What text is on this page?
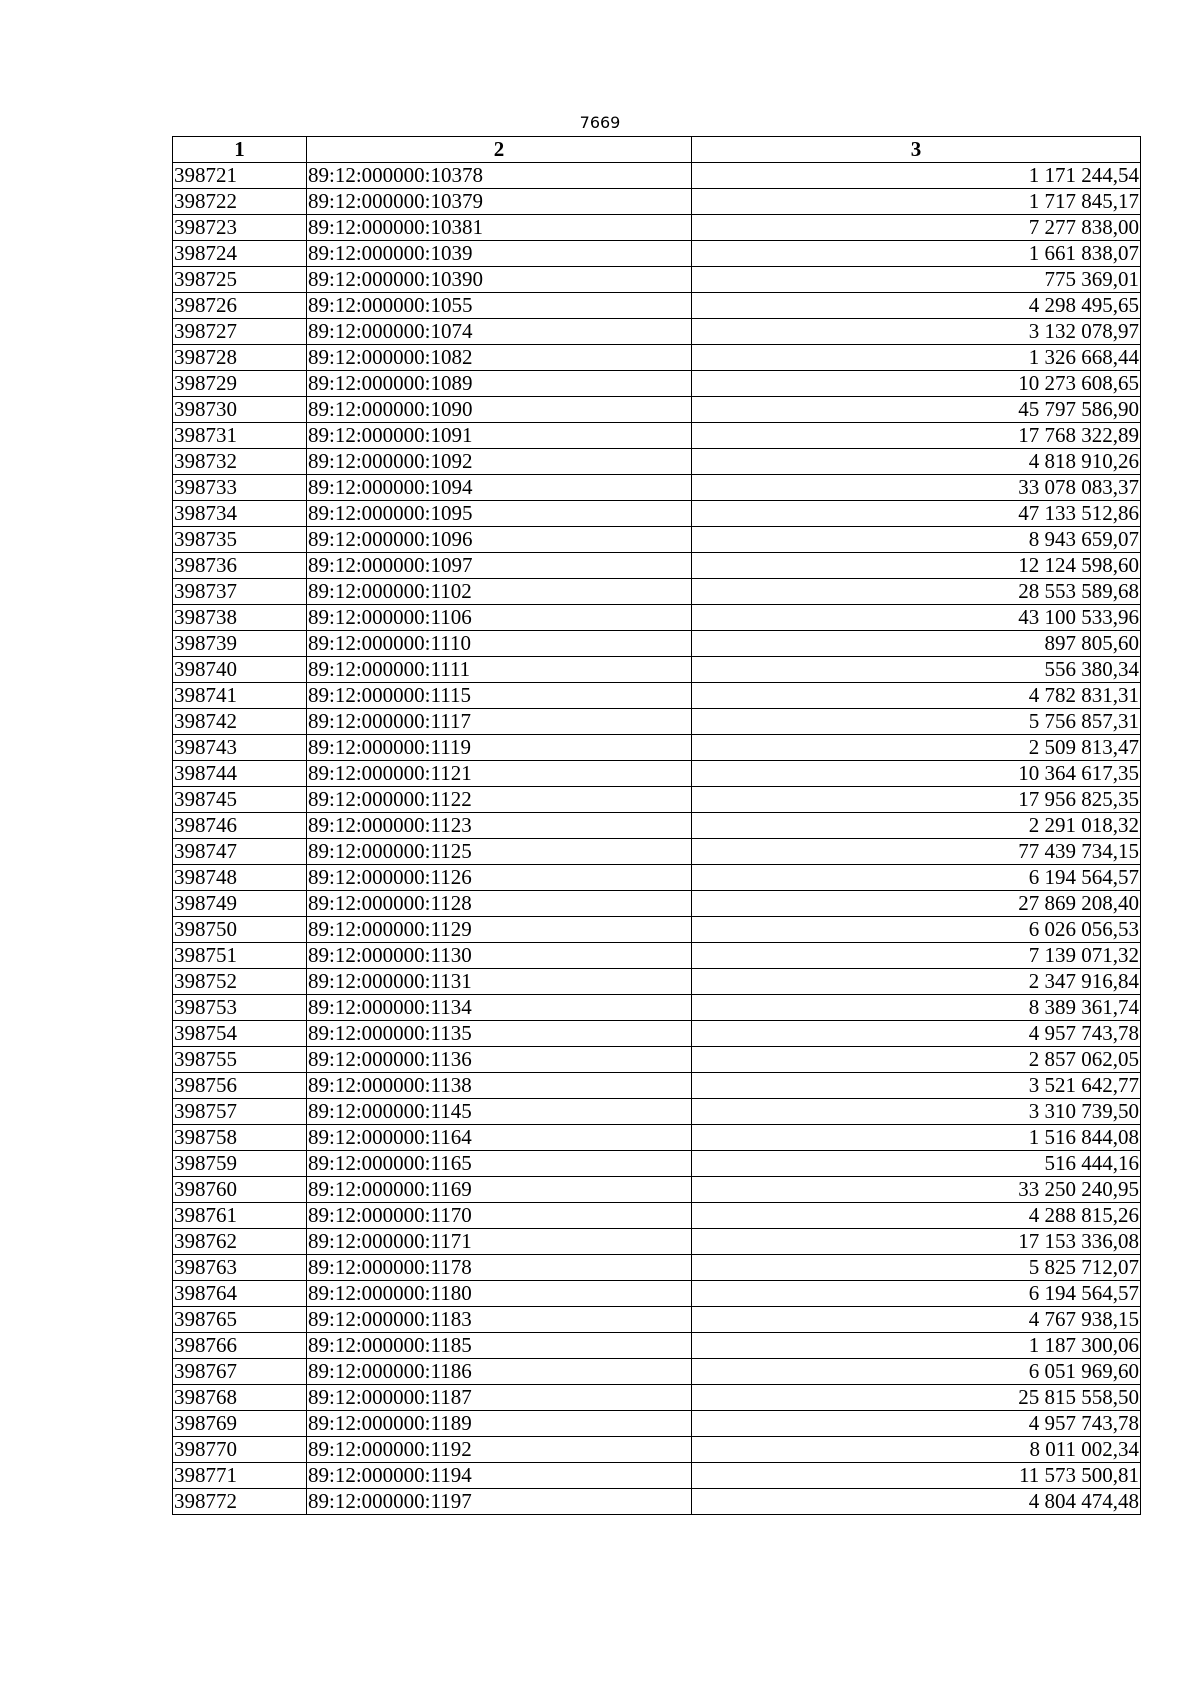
7669
1	2	3
398721	89:12:000000:10378	1 171 244,54
398722	89:12:000000:10379	1 717 845,17
398723	89:12:000000:10381	7 277 838,00
398724	89:12:000000:1039	1 661 838,07
398725	89:12:000000:10390	775 369,01
398726	89:12:000000:1055	4 298 495,65
398727	89:12:000000:1074	3 132 078,97
398728	89:12:000000:1082	1 326 668,44
398729	89:12:000000:1089	10 273 608,65
398730	89:12:000000:1090	45 797 586,90
398731	89:12:000000:1091	17 768 322,89
398732	89:12:000000:1092	4 818 910,26
398733	89:12:000000:1094	33 078 083,37
398734	89:12:000000:1095	47 133 512,86
398735	89:12:000000:1096	8 943 659,07
398736	89:12:000000:1097	12 124 598,60
398737	89:12:000000:1102	28 553 589,68
398738	89:12:000000:1106	43 100 533,96
398739	89:12:000000:1110	897 805,60
398740	89:12:000000:1111	556 380,34
398741	89:12:000000:1115	4 782 831,31
398742	89:12:000000:1117	5 756 857,31
398743	89:12:000000:1119	2 509 813,47
398744	89:12:000000:1121	10 364 617,35
398745	89:12:000000:1122	17 956 825,35
398746	89:12:000000:1123	2 291 018,32
398747	89:12:000000:1125	77 439 734,15
398748	89:12:000000:1126	6 194 564,57
398749	89:12:000000:1128	27 869 208,40
398750	89:12:000000:1129	6 026 056,53
398751	89:12:000000:1130	7 139 071,32
398752	89:12:000000:1131	2 347 916,84
398753	89:12:000000:1134	8 389 361,74
398754	89:12:000000:1135	4 957 743,78
398755	89:12:000000:1136	2 857 062,05
398756	89:12:000000:1138	3 521 642,77
398757	89:12:000000:1145	3 310 739,50
398758	89:12:000000:1164	1 516 844,08
398759	89:12:000000:1165	516 444,16
398760	89:12:000000:1169	33 250 240,95
398761	89:12:000000:1170	4 288 815,26
398762	89:12:000000:1171	17 153 336,08
398763	89:12:000000:1178	5 825 712,07
398764	89:12:000000:1180	6 194 564,57
398765	89:12:000000:1183	4 767 938,15
398766	89:12:000000:1185	1 187 300,06
398767	89:12:000000:1186	6 051 969,60
398768	89:12:000000:1187	25 815 558,50
398769	89:12:000000:1189	4 957 743,78
398770	89:12:000000:1192	8 011 002,34
398771	89:12:000000:1194	11 573 500,81
398772	89:12:000000:1197	4 804 474,48
